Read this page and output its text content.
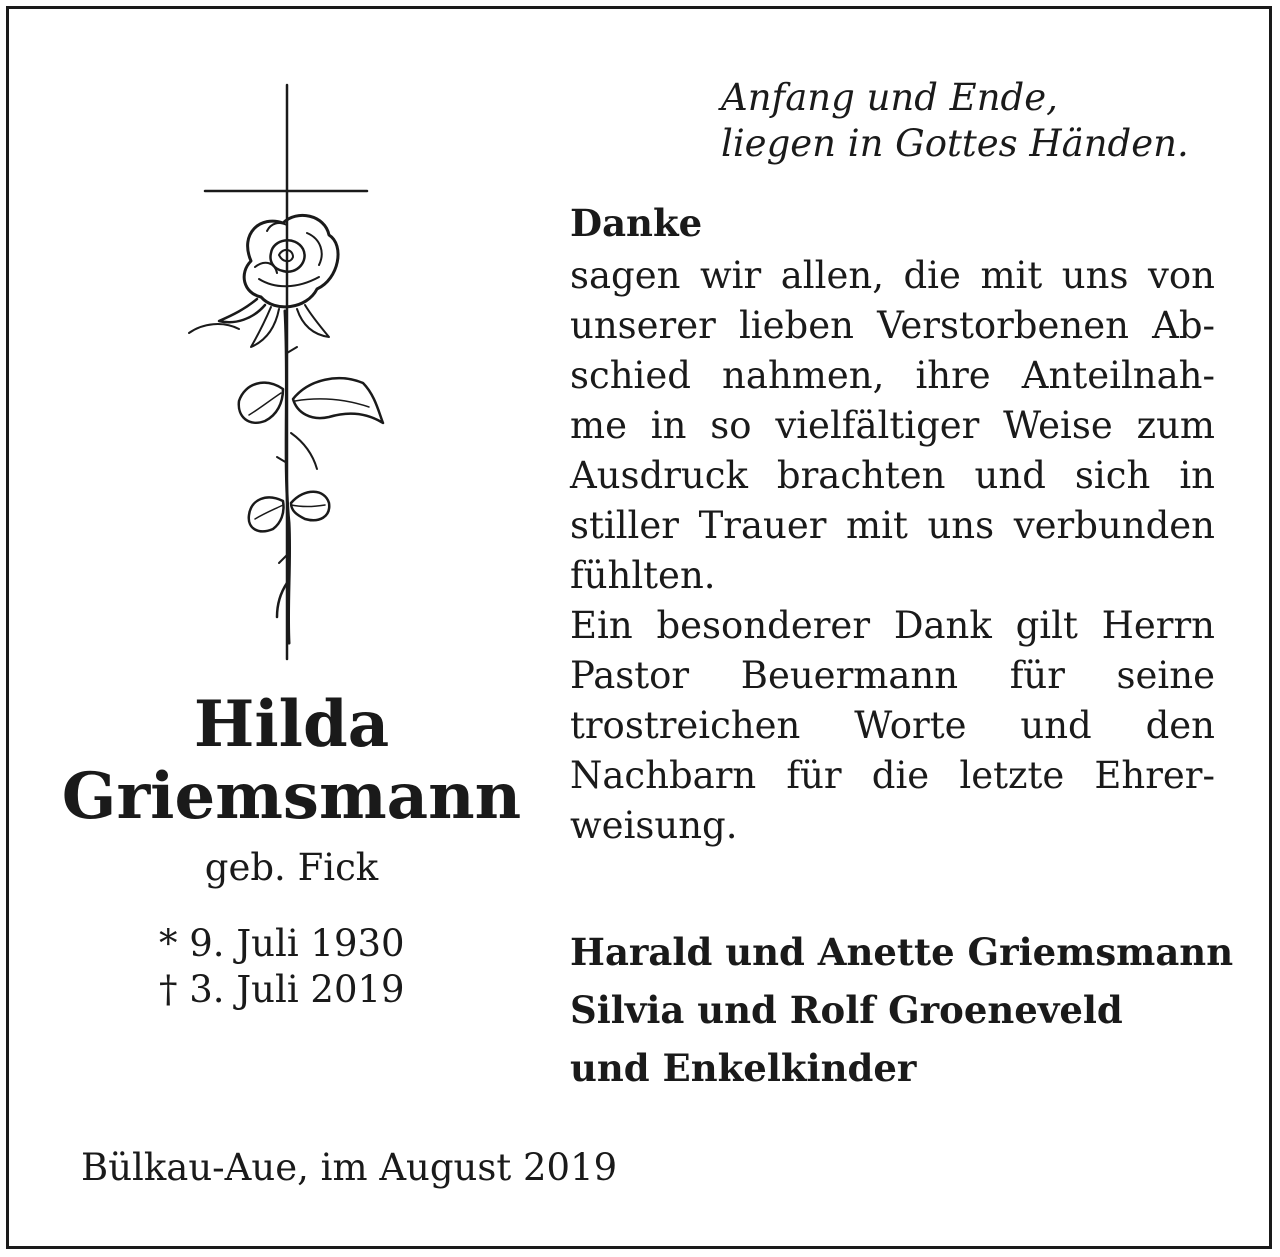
Anfang und Ende,
liegen in Gottes Händen.
Danke
sagen wir allen, die mit uns von
unserer lieben Verstorbenen Ab-
schied nahmen, ihre Anteilnah-
me in so vielfältiger Weise zum
Ausdruck brachten und sich in
stiller Trauer mit uns verbunden
fühlten.
Ein besonderer Dank gilt Herrn
Pastor Beuermann für seine
trostreichen Worte und den
Nachbarn für die letzte Ehrer-
weisung.
Hilda
Griemsmann
geb. Fick
* 9. Juli 1930
† 3. Juli 2019
Harald und Anette Griemsmann
Silvia und Rolf Groeneveld
und Enkelkinder
Bülkau-Aue, im August 2019
